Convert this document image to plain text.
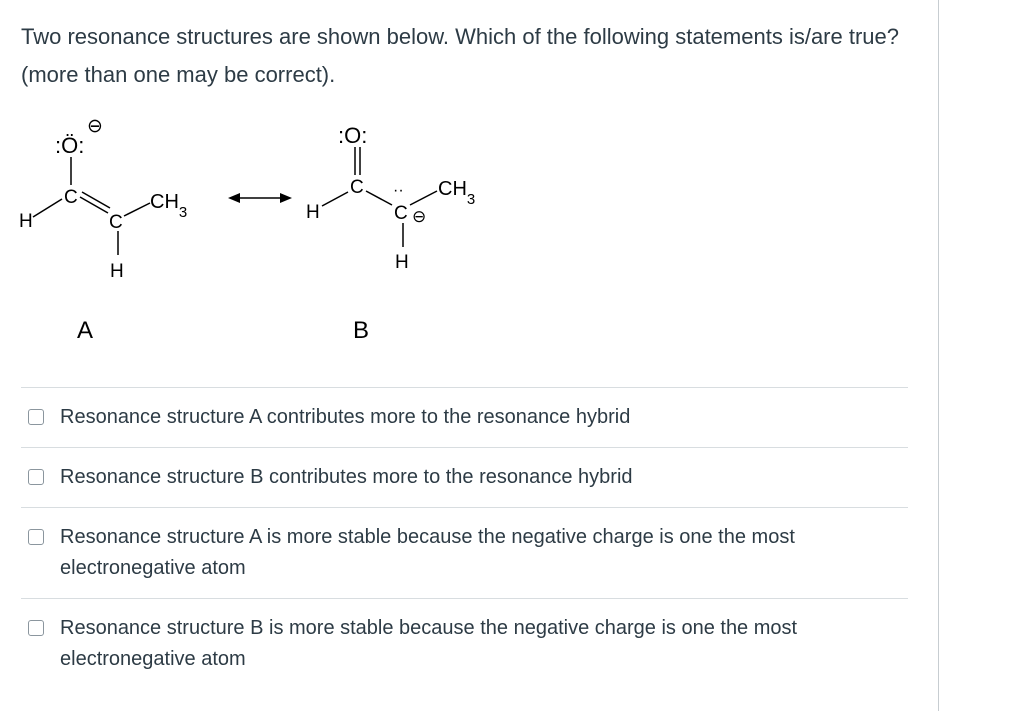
Two resonance structures are shown below. Which of the following statements is/are true? (more than one may be correct).
:Ö:
⊖
C
H	C
H
$CH_3$
A
:O:
C
H
··
C ⊖
H
$CH_3$
B
Resonance structure A contributes more to the resonance hybrid
Resonance structure B contributes more to the resonance hybrid
Resonance structure A is more stable because the negative charge is one the most electronegative atom
Resonance structure B is more stable because the negative charge is one the most electronegative atom
